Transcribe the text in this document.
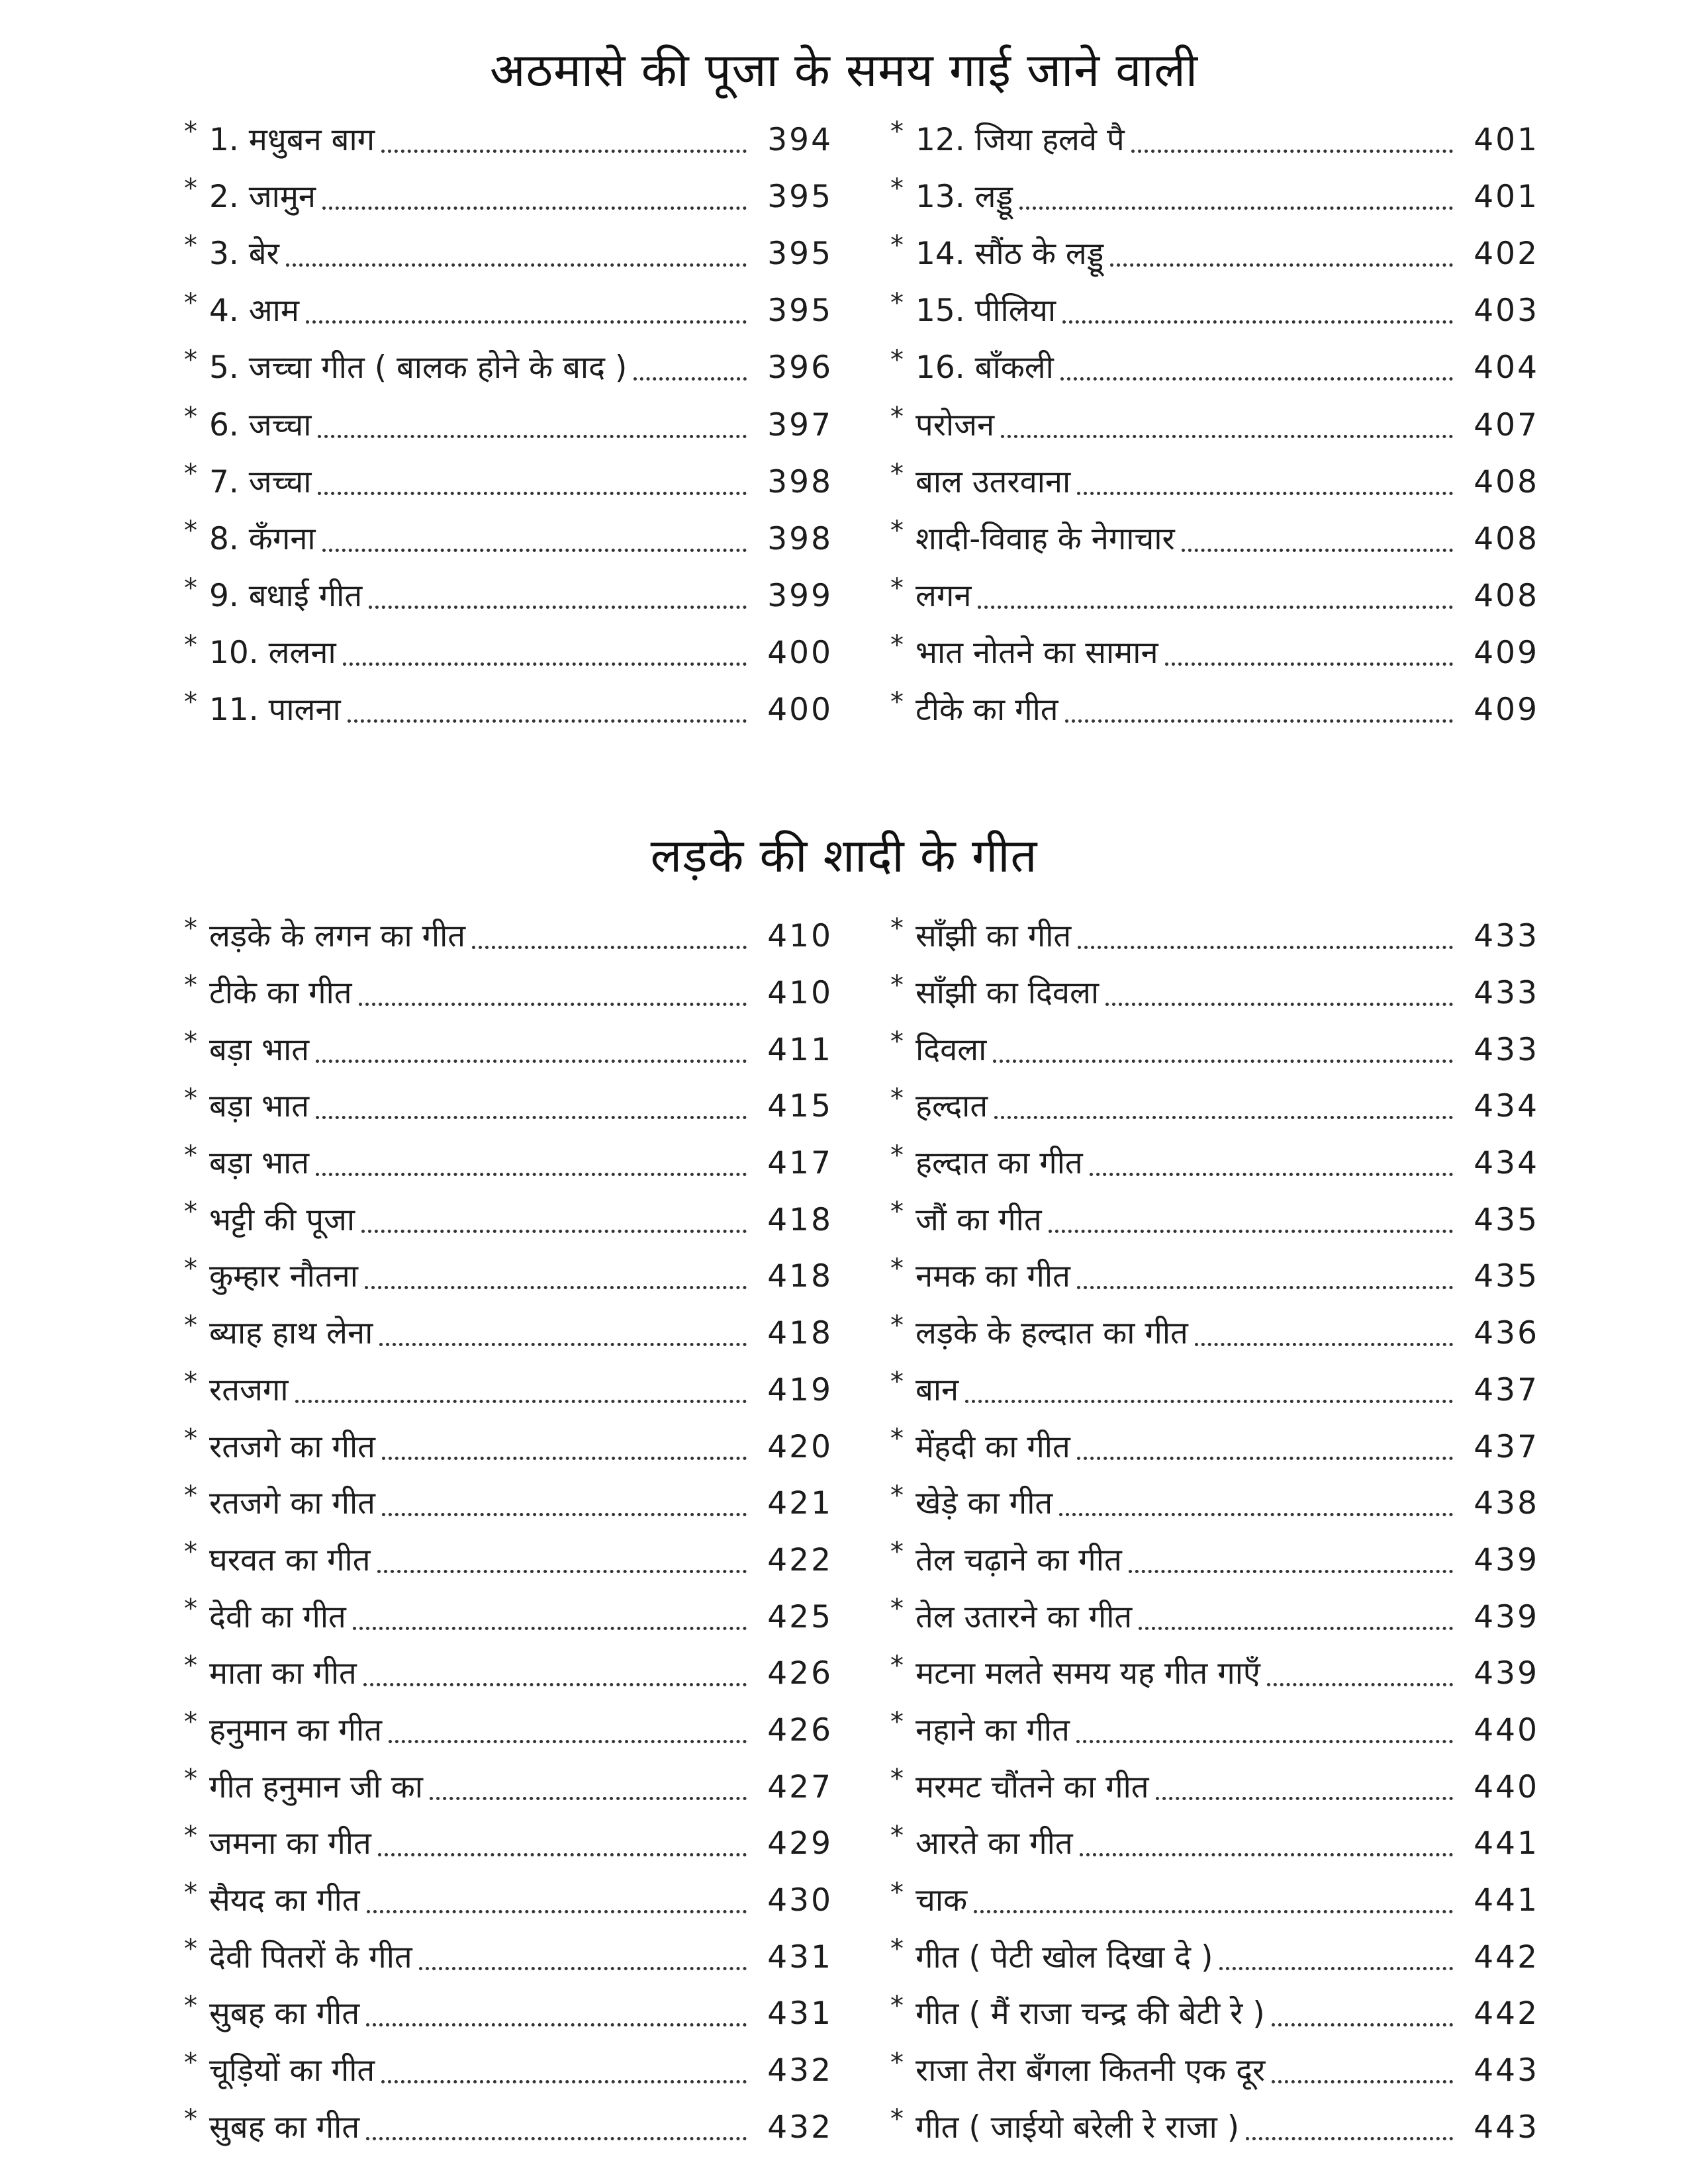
अठमासे की पूजा के समय गाई जाने वाली
* 1. मधुबन बाग	394
* 2. जामुन	395
* 3. बेर	395
* 4. आम	395
* 5. जच्चा गीत ( बालक होने के बाद )	396
* 6. जच्चा	397
* 7. जच्चा	398
* 8. कँगना	398
* 9. बधाई गीत	399
* 10. ललना	400
* 11. पालना	400
* 12. जिया हलवे पै	401
* 13. लड्डू	401
* 14. सौंठ के लड्डू	402
* 15. पीलिया	403
* 16. बाँकली	404
* परोजन	407
* बाल उतरवाना	408
* शादी-विवाह के नेगाचार	408
* लगन	408
* भात नोतने का सामान	409
* टीके का गीत	409
लड़के की शादी के गीत
* लड़के के लगन का गीत	410
* टीके का गीत	410
* बड़ा भात	411
* बड़ा भात	415
* बड़ा भात	417
* भट्टी की पूजा	418
* कुम्हार नौतना	418
* ब्याह हाथ लेना	418
* रतजगा	419
* रतजगे का गीत	420
* रतजगे का गीत	421
* घरवत का गीत	422
* देवी का गीत	425
* माता का गीत	426
* हनुमान का गीत	426
* गीत हनुमान जी का	427
* जमना का गीत	429
* सैयद का गीत	430
* देवी पितरों के गीत	431
* सुबह का गीत	431
* चूड़ियों का गीत	432
* सुबह का गीत	432
* साँझी का गीत	433
* साँझी का दिवला	433
* दिवला	433
* हल्दात	434
* हल्दात का गीत	434
* जौं का गीत	435
* नमक का गीत	435
* लड़के के हल्दात का गीत	436
* बान	437
* मेंहदी का गीत	437
* खेड़े का गीत	438
* तेल चढ़ाने का गीत	439
* तेल उतारने का गीत	439
* मटना मलते समय यह गीत गाएँ	439
* नहाने का गीत	440
* मरमट चौंतने का गीत	440
* आरते का गीत	441
* चाक	441
* गीत ( पेटी खोल दिखा दे )	442
* गीत ( मैं राजा चन्द्र की बेटी रे )	442
* राजा तेरा बँगला कितनी एक दूर	443
* गीत ( जाईयो बरेली रे राजा )	443
